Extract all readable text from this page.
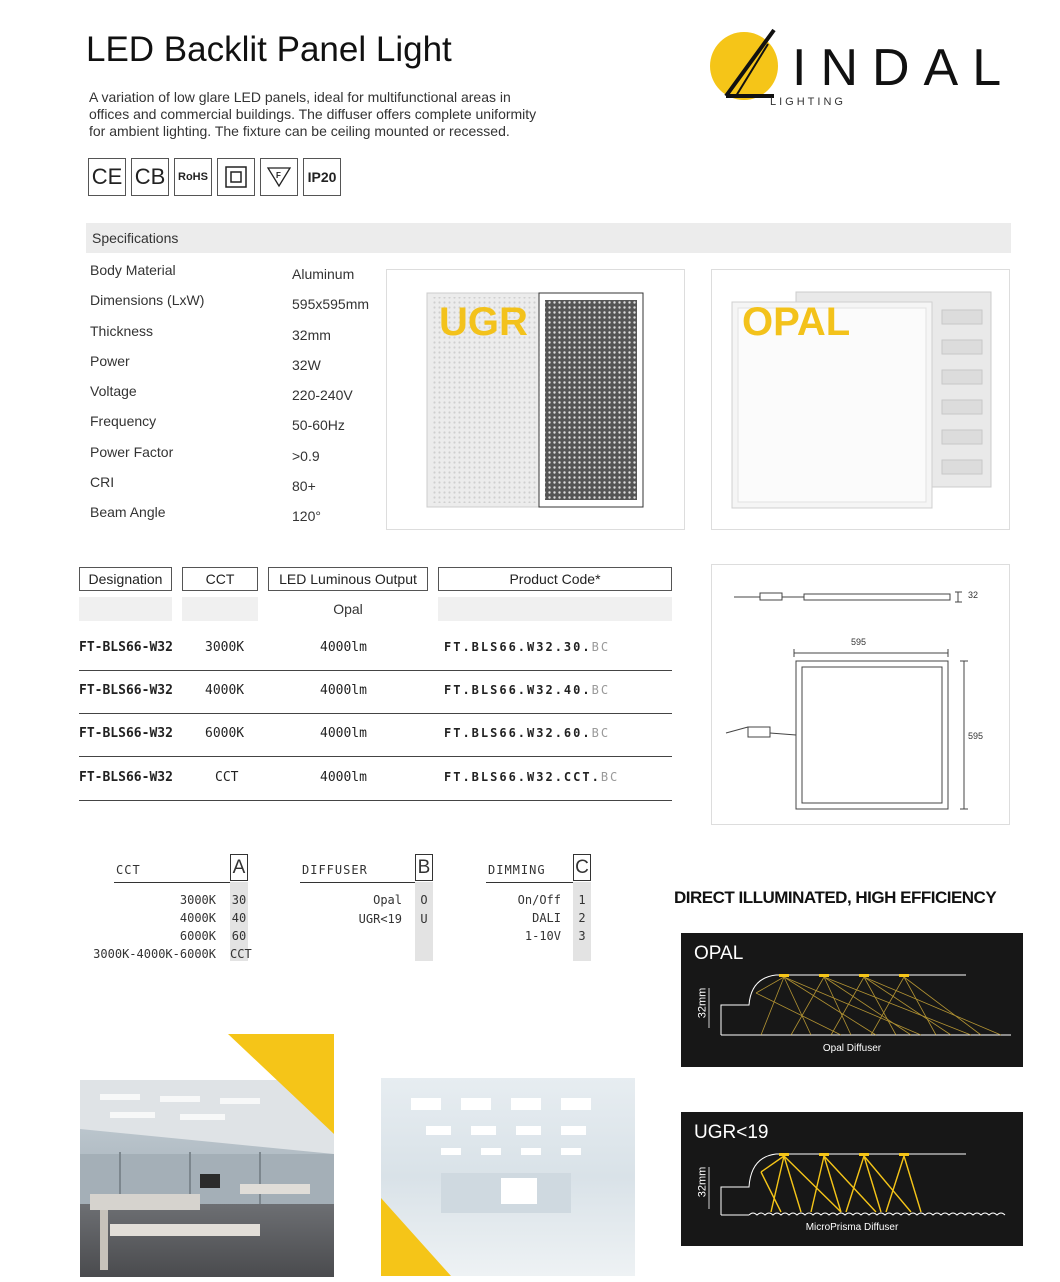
LED Backlit Panel Light
A variation of low glare LED panels, ideal for multifunctional areas in offices and commercial buildings. The diffuser offers complete uniformity for ambient lighting. The fixture can be ceiling mounted or recessed.
INDAL
LIGHTING
CE CB	RoHS	F	IP20
Specifications
Body Material	Aluminum
Dimensions (LxW)	595x595mm
Thickness	32mm
Power	32W
Voltage	220-240V
Frequency	50-60Hz
Power Factor	>0.9
CRI	80+
Beam Angle	120°
UGR	OPAL
Designation	CCT	LED Luminous Output	Product Code*
Opal
FT-BLS66-W32 3000K	4000lm	FT.BLS66.W32.30.BC
FT-BLS66-W32 4000K	4000lm	FT.BLS66.W32.40.BC
FT-BLS66-W32 6000K	4000lm	FT.BLS66.W32.60.BC
FT-BLS66-W32	CCT	4000lm	FT.BLS66.W32.CCT.BC
32
595
595
CCT	A
3000K 30
4000K 40
6000K 60
3000K-4000K-6000K CCT
DIFFUSER	B
Opal	O
UGR<19	U
DIMMING C
On/Off	1
DALI	2
1-10V	3
DIRECT ILLUMINATED, HIGH EFFICIENCY
OPAL
32mm
Opal Diffuser
UGR<19
32mm
MicroPrisma Diffuser
